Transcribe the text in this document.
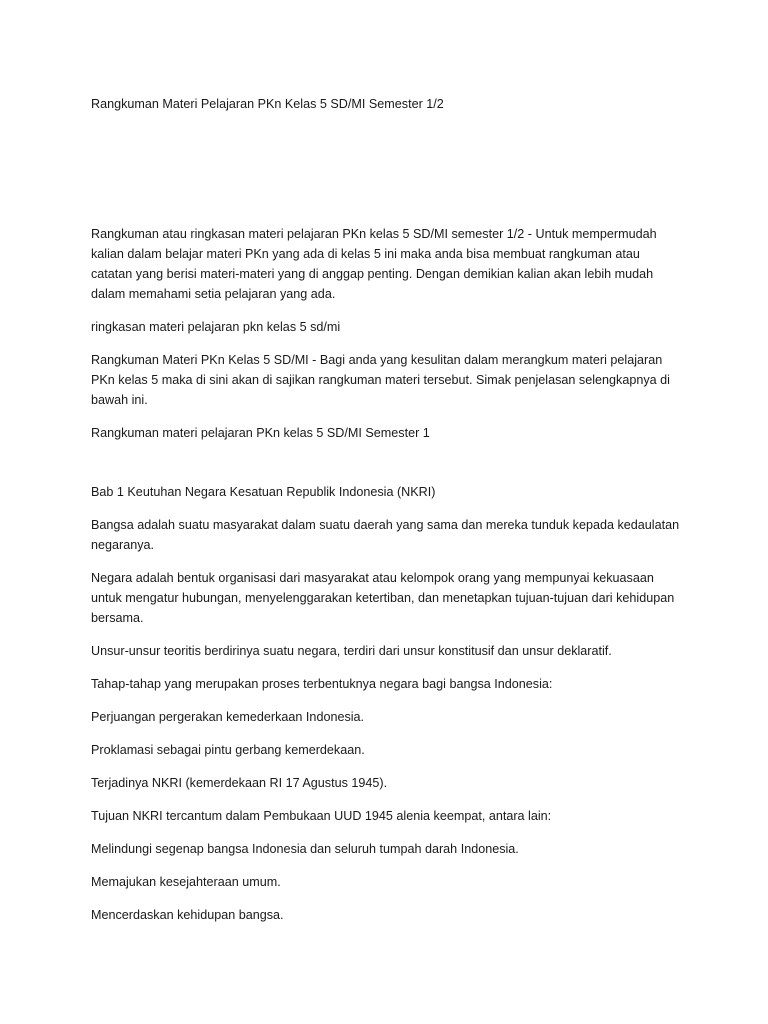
Rangkuman Materi Pelajaran PKn Kelas 5 SD/MI Semester 1/2

Rangkuman atau ringkasan materi pelajaran PKn kelas 5 SD/MI semester 1/2 - Untuk mempermudah kalian dalam belajar materi PKn yang ada di kelas 5 ini maka anda bisa membuat rangkuman atau catatan yang berisi materi-materi yang di anggap penting. Dengan demikian kalian akan lebih mudah dalam memahami setia pelajaran yang ada.

ringkasan materi pelajaran pkn kelas 5 sd/mi

Rangkuman Materi PKn Kelas 5 SD/MI - Bagi anda yang kesulitan dalam merangkum materi pelajaran PKn kelas 5 maka di sini akan di sajikan rangkuman materi tersebut. Simak penjelasan selengkapnya di bawah ini.

Rangkuman materi pelajaran PKn kelas 5 SD/MI Semester 1

Bab 1 Keutuhan Negara Kesatuan Republik Indonesia (NKRI)

Bangsa adalah suatu masyarakat dalam suatu daerah yang sama dan mereka tunduk kepada kedaulatan negaranya.

Negara adalah bentuk organisasi dari masyarakat atau kelompok orang yang mempunyai kekuasaan untuk mengatur hubungan, menyelenggarakan ketertiban, dan menetapkan tujuan-tujuan dari kehidupan bersama.

Unsur-unsur teoritis berdirinya suatu negara, terdiri dari unsur konstitusif dan unsur deklaratif.

Tahap-tahap yang merupakan proses terbentuknya negara bagi bangsa Indonesia:

Perjuangan pergerakan kemederkaan Indonesia.

Proklamasi sebagai pintu gerbang kemerdekaan.

Terjadinya NKRI (kemerdekaan RI 17 Agustus 1945).

Tujuan NKRI tercantum dalam Pembukaan UUD 1945 alenia keempat, antara lain:

Melindungi segenap bangsa Indonesia dan seluruh tumpah darah Indonesia.

Memajukan kesejahteraan umum.

Mencerdaskan kehidupan bangsa.
